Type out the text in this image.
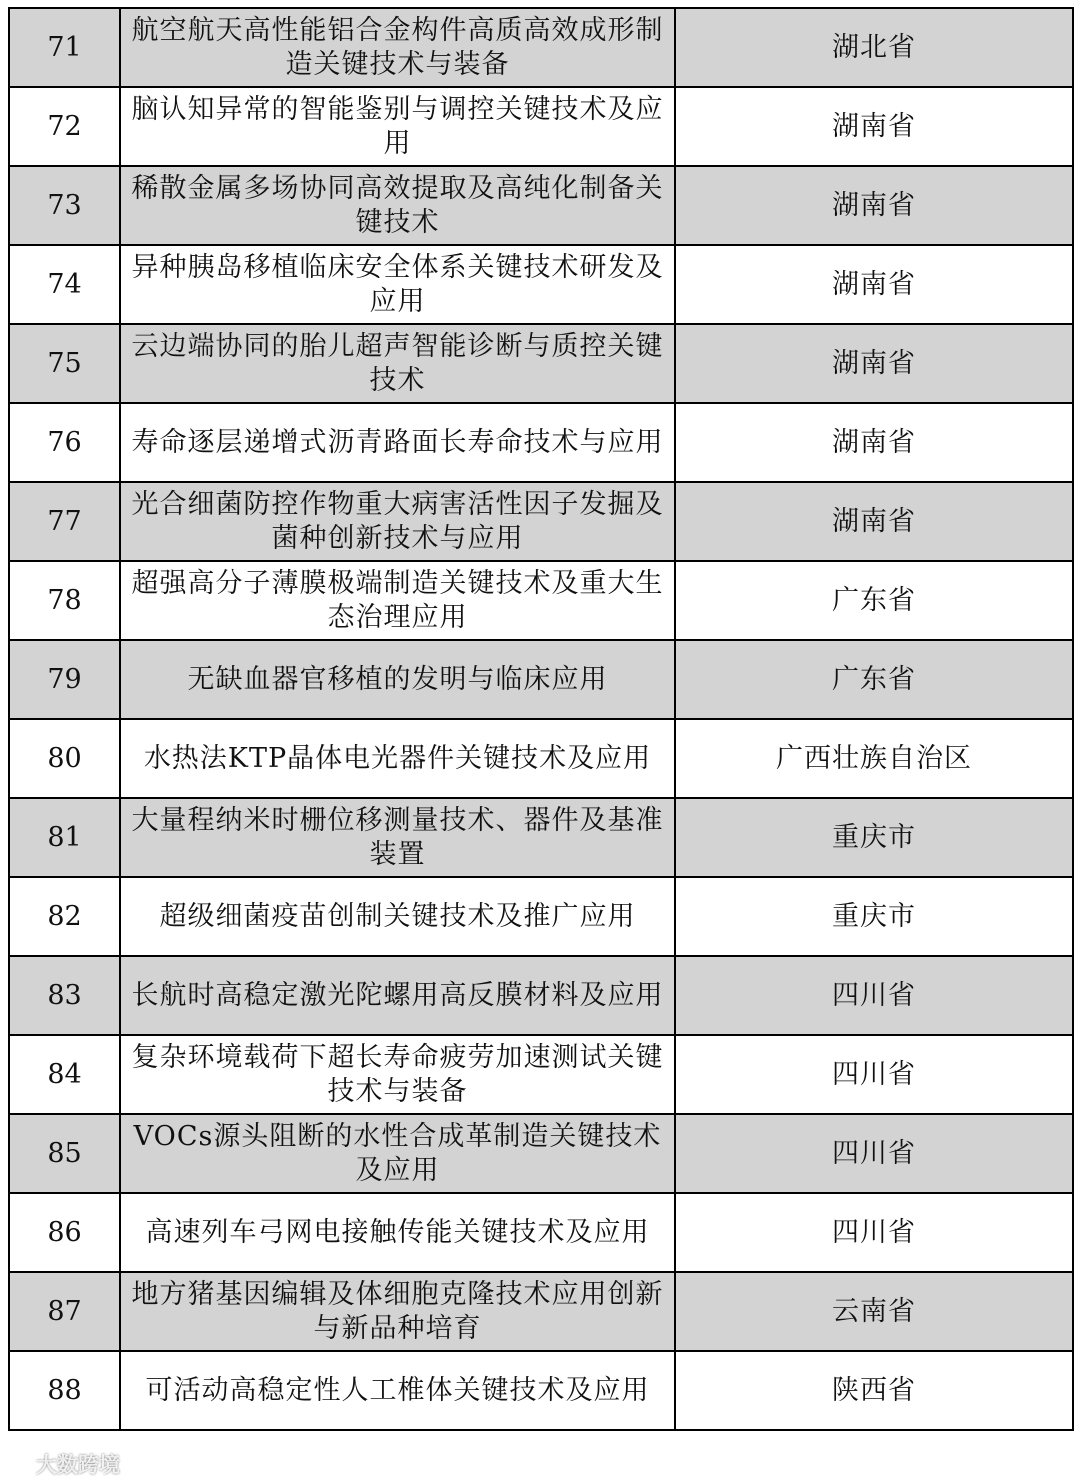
71	航空航天高性能铝合金构件高质高效成形制造关键技术与装备	湖北省
72	脑认知异常的智能鉴别与调控关键技术及应用	湖南省
73	稀散金属多场协同高效提取及高纯化制备关键技术	湖南省
74	异种胰岛移植临床安全体系关键技术研发及应用	湖南省
75	云边端协同的胎儿超声智能诊断与质控关键技术	湖南省
76	寿命逐层递增式沥青路面长寿命技术与应用	湖南省
77	光合细菌防控作物重大病害活性因子发掘及菌种创新技术与应用	湖南省
78	超强高分子薄膜极端制造关键技术及重大生态治理应用	广东省
79	无缺血器官移植的发明与临床应用	广东省
80	水热法KTP晶体电光器件关键技术及应用	广西壮族自治区
81	大量程纳米时栅位移测量技术、器件及基准装置	重庆市
82	超级细菌疫苗创制关键技术及推广应用	重庆市
83	长航时高稳定激光陀螺用高反膜材料及应用	四川省
84	复杂环境载荷下超长寿命疲劳加速测试关键技术与装备	四川省
85	VOCs源头阻断的水性合成革制造关键技术及应用	四川省
86	高速列车弓网电接触传能关键技术及应用	四川省
87	地方猪基因编辑及体细胞克隆技术应用创新与新品种培育	云南省
88	可活动高稳定性人工椎体关键技术及应用	陕西省
大数跨境
